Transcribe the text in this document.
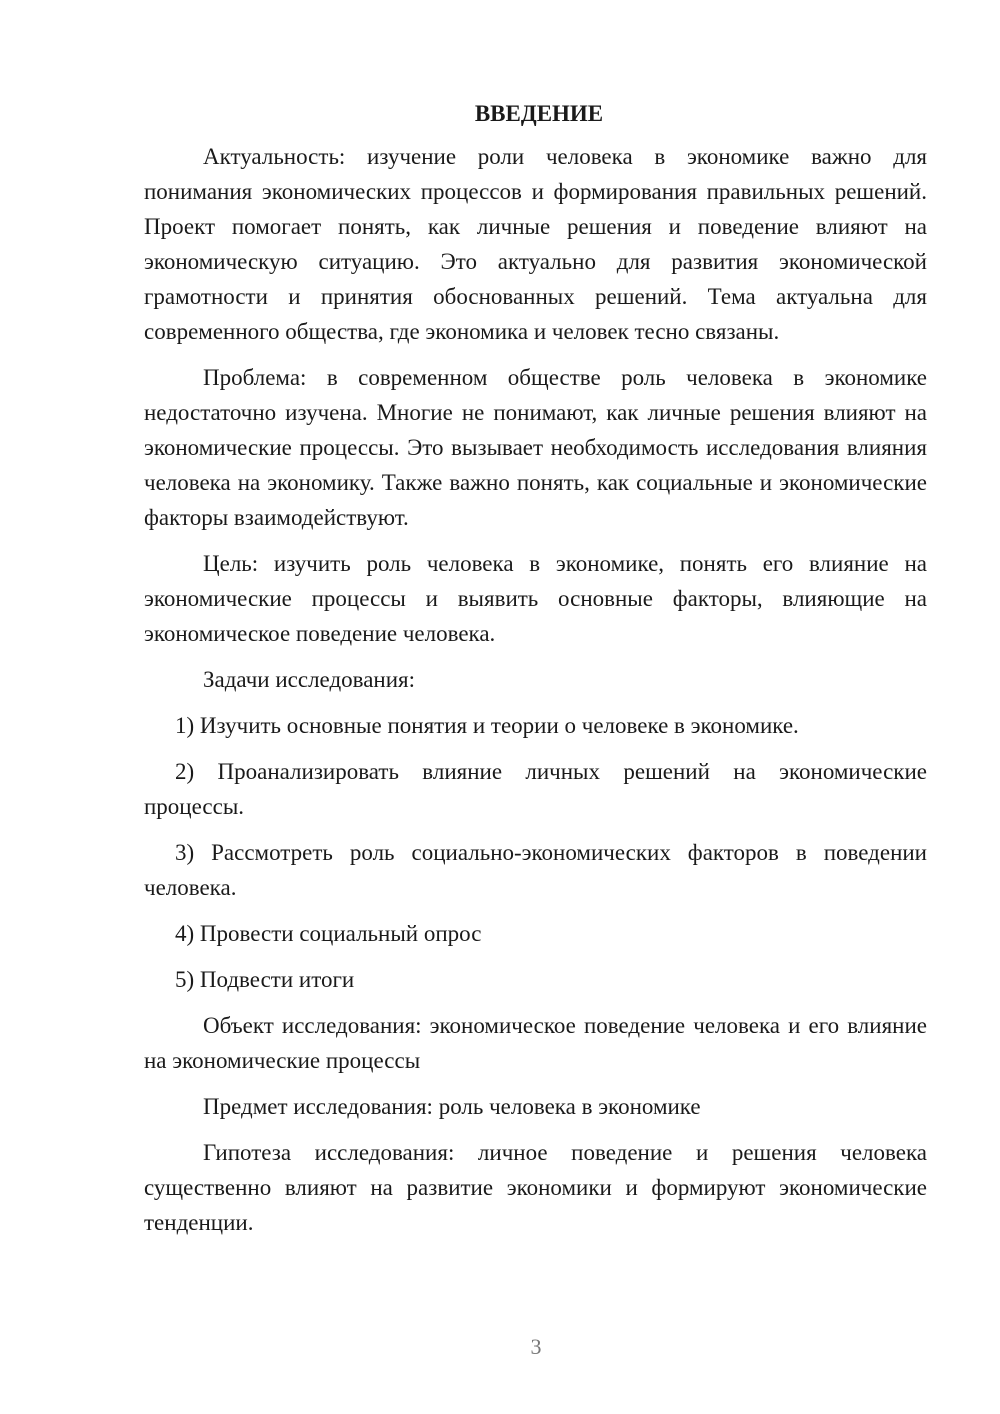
ВВЕДЕНИЕ

Актуальность: изучение роли человека в экономике важно для понимания экономических процессов и формирования правильных решений. Проект помогает понять, как личные решения и поведение влияют на экономическую ситуацию. Это актуально для развития экономической грамотности и принятия обоснованных решений. Тема актуальна для современного общества, где экономика и человек тесно связаны.

Проблема: в современном обществе роль человека в экономике недостаточно изучена. Многие не понимают, как личные решения влияют на экономические процессы. Это вызывает необходимость исследования влияния человека на экономику. Также важно понять, как социальные и экономические факторы взаимодействуют.

Цель: изучить роль человека в экономике, понять его влияние на экономические процессы и выявить основные факторы, влияющие на экономическое поведение человека.

Задачи исследования:

1) Изучить основные понятия и теории о человеке в экономике.

2) Проанализировать влияние личных решений на экономические процессы.

3) Рассмотреть роль социально-экономических факторов в поведении человека.

4) Провести социальный опрос

5) Подвести итоги

Объект исследования: экономическое поведение человека и его влияние на экономические процессы

Предмет исследования: роль человека в экономике

Гипотеза исследования: личное поведение и решения человека существенно влияют на развитие экономики и формируют экономические тенденции.

3
